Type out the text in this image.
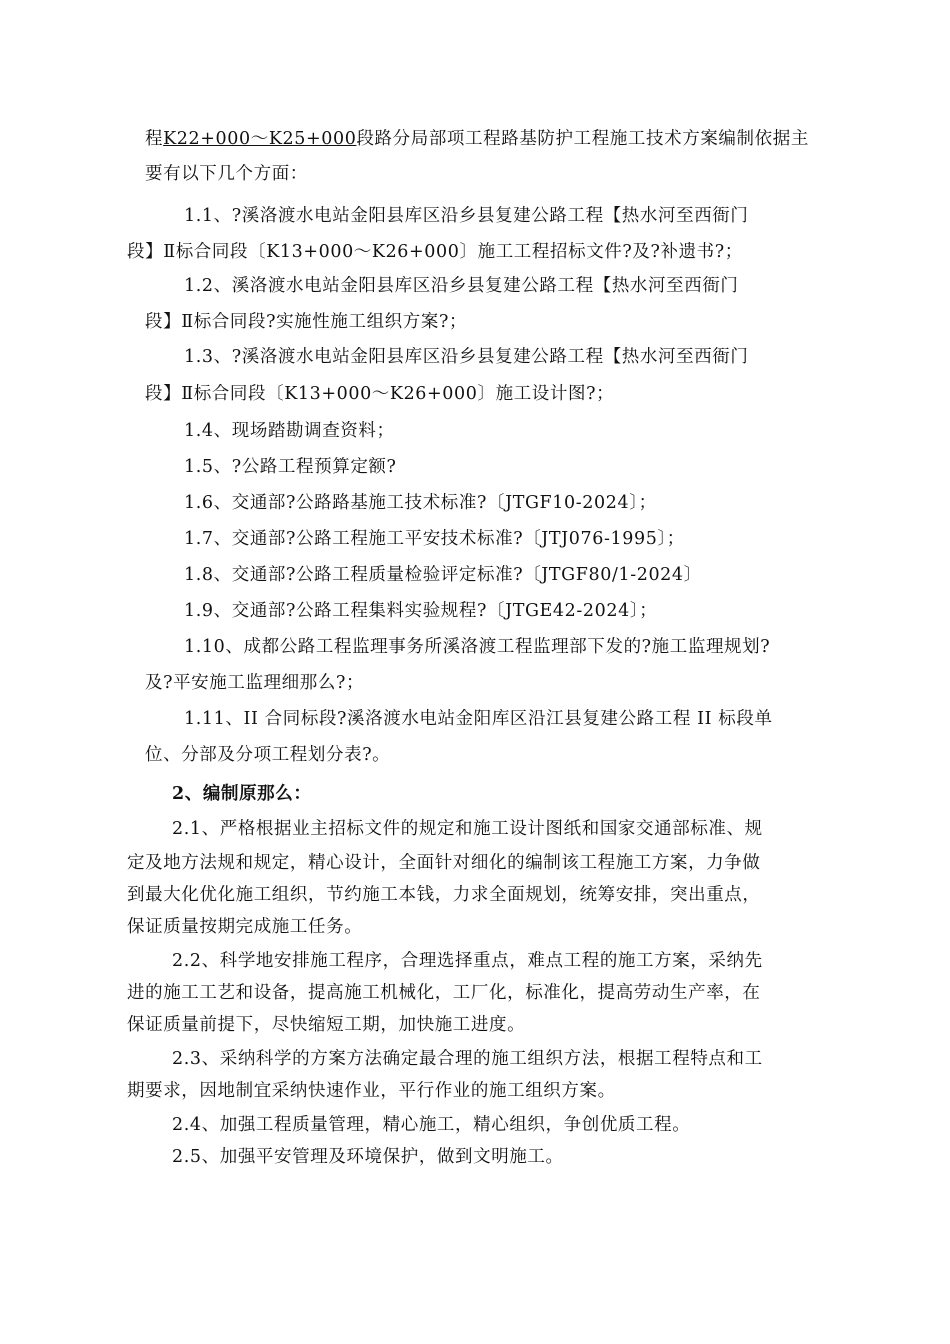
程K22+000～K25+000段路分局部项工程路基防护工程施工技术方案编制依据主
要有以下几个方面：
1.1、?溪洛渡水电站金阳县库区沿乡县复建公路工程【热水河至西衙门
段】Ⅱ标合同段〔K13+000～K26+000〕施工工程招标文件?及?补遗书?；
1.2、溪洛渡水电站金阳县库区沿乡县复建公路工程【热水河至西衙门
段】Ⅱ标合同段?实施性施工组织方案?；
1.3、?溪洛渡水电站金阳县库区沿乡县复建公路工程【热水河至西衙门
段】Ⅱ标合同段〔K13+000～K26+000〕施工设计图?；
1.4、现场踏勘调查资料；
1.5、?公路工程预算定额?
1.6、交通部?公路路基施工技术标准?〔JTGF10-2024〕；
1.7、交通部?公路工程施工平安技术标准?〔JTJ076-1995〕；
1.8、交通部?公路工程质量检验评定标准?〔JTGF80/1-2024〕
1.9、交通部?公路工程集料实验规程?〔JTGE42-2024〕；
1.10、成都公路工程监理事务所溪洛渡工程监理部下发的?施工监理规划?
及?平安施工监理细那么?；
1.11、II 合同标段?溪洛渡水电站金阳库区沿江县复建公路工程 II 标段单
位、分部及分项工程划分表?。
2、编制原那么：
2.1、严格根据业主招标文件的规定和施工设计图纸和国家交通部标准、规
定及地方法规和规定，精心设计，全面针对细化的编制该工程施工方案，力争做
到最大化优化施工组织，节约施工本钱，力求全面规划，统筹安排，突出重点，
保证质量按期完成施工任务。
2.2、科学地安排施工程序，合理选择重点，难点工程的施工方案，采纳先
进的施工工艺和设备，提高施工机械化，工厂化，标准化，提高劳动生产率，在
保证质量前提下，尽快缩短工期，加快施工进度。
2.3、采纳科学的方案方法确定最合理的施工组织方法，根据工程特点和工
期要求，因地制宜采纳快速作业，平行作业的施工组织方案。
2.4、加强工程质量管理，精心施工，精心组织，争创优质工程。
2.5、加强平安管理及环境保护，做到文明施工。
